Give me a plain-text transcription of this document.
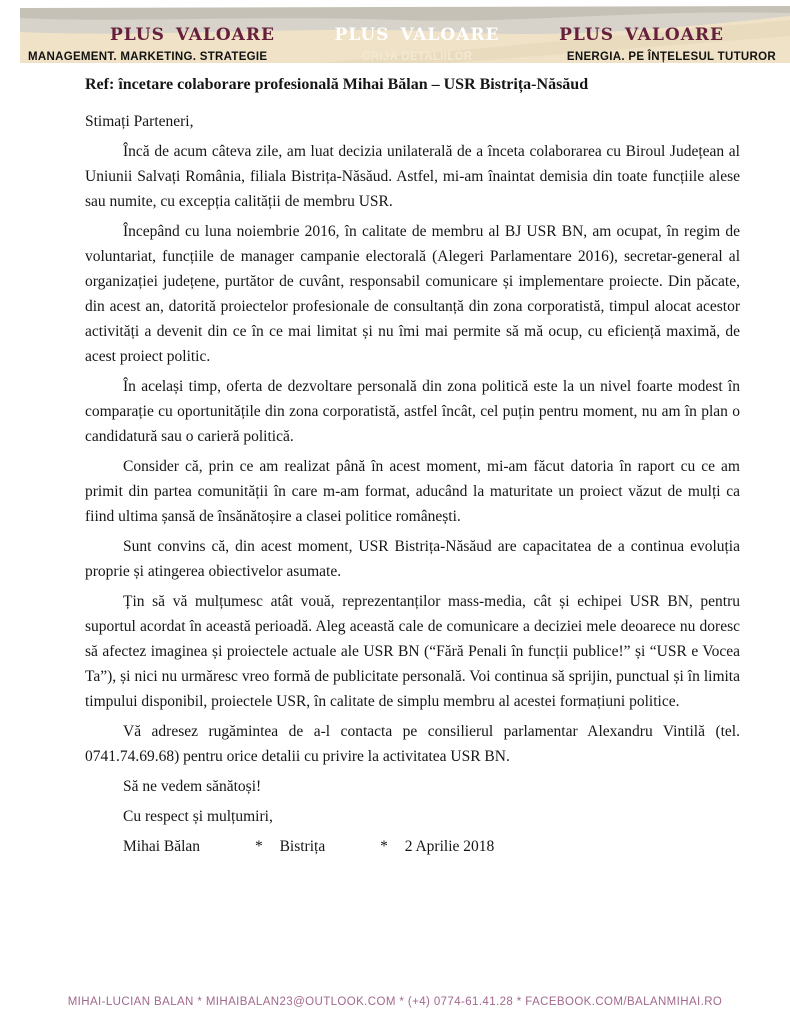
PLUS VALOARE
MANAGEMENT. MARKETING. STRATEGIE
PLUS VALOARE
GRIJA DETALIILOR
PLUS VALOARE
ENERGIA. PE ÎNȚELESUL TUTUROR

Ref: încetare colaborare profesională Mihai Bălan – USR Bistrița-Năsăud

Stimați Parteneri,

Încă de acum câteva zile, am luat decizia unilaterală de a înceta colaborarea cu Biroul Județean al Uniunii Salvați România, filiala Bistrița-Năsăud. Astfel, mi-am înaintat demisia din toate funcțiile alese sau numite, cu excepția calității de membru USR.

Începând cu luna noiembrie 2016, în calitate de membru al BJ USR BN, am ocupat, în regim de voluntariat, funcțiile de manager campanie electorală (Alegeri Parlamentare 2016), secretar-general al organizației județene, purtător de cuvânt, responsabil comunicare și implementare proiecte. Din păcate, din acest an, datorită proiectelor profesionale de consultanță din zona corporatistă, timpul alocat acestor activități a devenit din ce în ce mai limitat și nu îmi mai permite să mă ocup, cu eficiență maximă, de acest proiect politic.

În același timp, oferta de dezvoltare personală din zona politică este la un nivel foarte modest în comparație cu oportunitățile din zona corporatistă, astfel încât, cel puțin pentru moment, nu am în plan o candidatură sau o carieră politică.

Consider că, prin ce am realizat până în acest moment, mi-am făcut datoria în raport cu ce am primit din partea comunității în care m-am format, aducând la maturitate un proiect văzut de mulți ca fiind ultima șansă de însănătoșire a clasei politice românești.

Sunt convins că, din acest moment, USR Bistrița-Năsăud are capacitatea de a continua evoluția proprie și atingerea obiectivelor asumate.

Țin să vă mulțumesc atât vouă, reprezentanților mass-media, cât și echipei USR BN, pentru suportul acordat în această perioadă. Aleg această cale de comunicare a deciziei mele deoarece nu doresc să afectez imaginea și proiectele actuale ale USR BN (“Fără Penali în funcții publice!” și “USR e Vocea Ta”), și nici nu urmăresc vreo formă de publicitate personală. Voi continua să sprijin, punctual și în limita timpului disponibil, proiectele USR, în calitate de simplu membru al acestei formațiuni politice.

Vă adresez rugămintea de a-l contacta pe consilierul parlamentar Alexandru Vintilă (tel. 0741.74.69.68) pentru orice detalii cu privire la activitatea USR BN.

Să ne vedem sănătoși!

Cu respect și mulțumiri,

Mihai Bălan	* Bistrița	* 2 Aprilie 2018

MIHAI-LUCIAN BALAN * MIHAIBALAN23@OUTLOOK.COM * (+4) 0774-61.41.28 * FACEBOOK.COM/BALANMIHAI.RO
